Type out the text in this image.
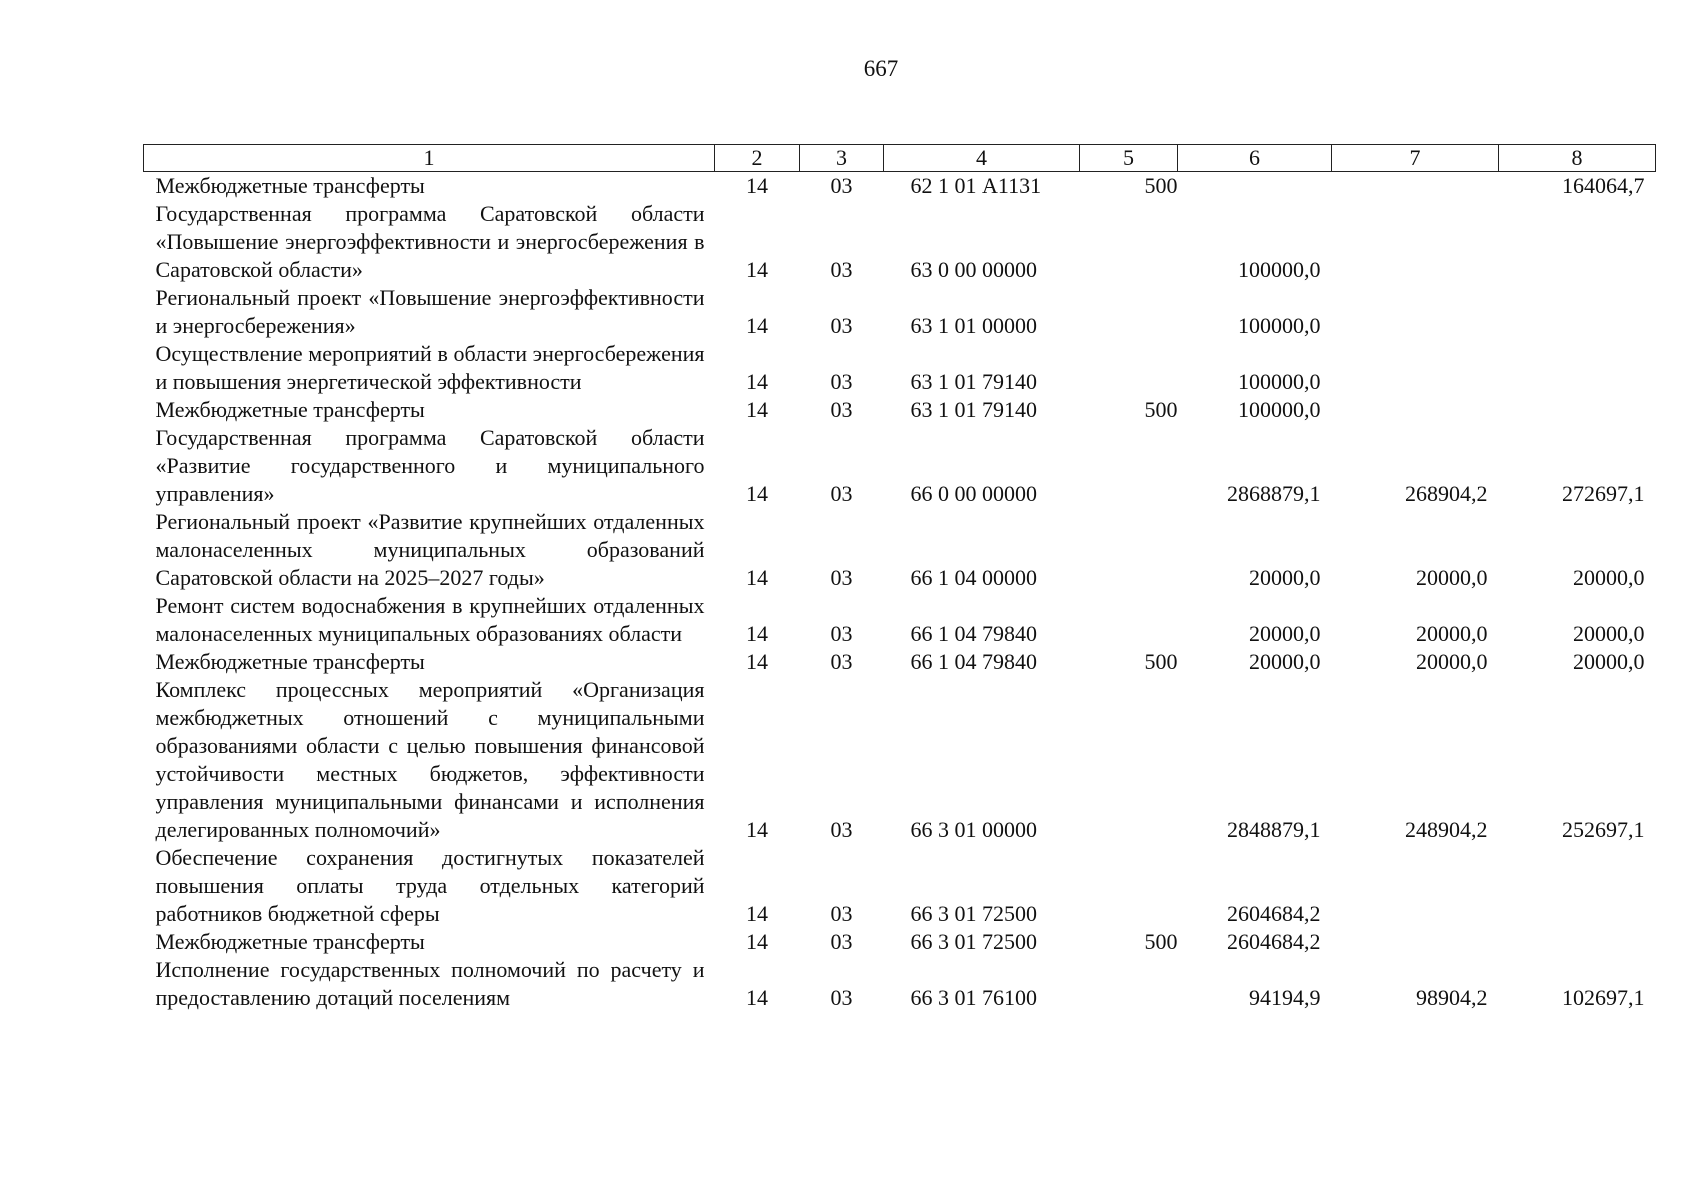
667
1	2	3	4	5	6	7	8
Межбюджетные трансферты	14	03	62 1 01 А1131	500			164064,7
Государственная программа Саратовской области «Повышение энергоэффективности и энергосбережения в Саратовской области»	14	03	63 0 00 00000		100000,0		
Региональный проект «Повышение энергоэффективности и энергосбережения»	14	03	63 1 01 00000		100000,0		
Осуществление мероприятий в области энергосбережения и повышения энергетической эффективности	14	03	63 1 01 79140		100000,0		
Межбюджетные трансферты	14	03	63 1 01 79140	500	100000,0		
Государственная программа Саратовской области «Развитие государственного и муниципального управления»	14	03	66 0 00 00000		2868879,1	268904,2	272697,1
Региональный проект «Развитие крупнейших отдаленных малонаселенных муниципальных образований Саратовской области на 2025–2027 годы»	14	03	66 1 04 00000		20000,0	20000,0	20000,0
Ремонт систем водоснабжения в крупнейших отдаленных малонаселенных муниципальных образованиях области	14	03	66 1 04 79840		20000,0	20000,0	20000,0
Межбюджетные трансферты	14	03	66 1 04 79840	500	20000,0	20000,0	20000,0
Комплекс процессных мероприятий «Организация межбюджетных отношений с муниципальными образованиями области с целью повышения финансовой устойчивости местных бюджетов, эффективности управления муниципальными финансами и исполнения делегированных полномочий»	14	03	66 3 01 00000		2848879,1	248904,2	252697,1
Обеспечение сохранения достигнутых показателей повышения оплаты труда отдельных категорий работников бюджетной сферы	14	03	66 3 01 72500		2604684,2		
Межбюджетные трансферты	14	03	66 3 01 72500	500	2604684,2		
Исполнение государственных полномочий по расчету и предоставлению дотаций поселениям	14	03	66 3 01 76100		94194,9	98904,2	102697,1
